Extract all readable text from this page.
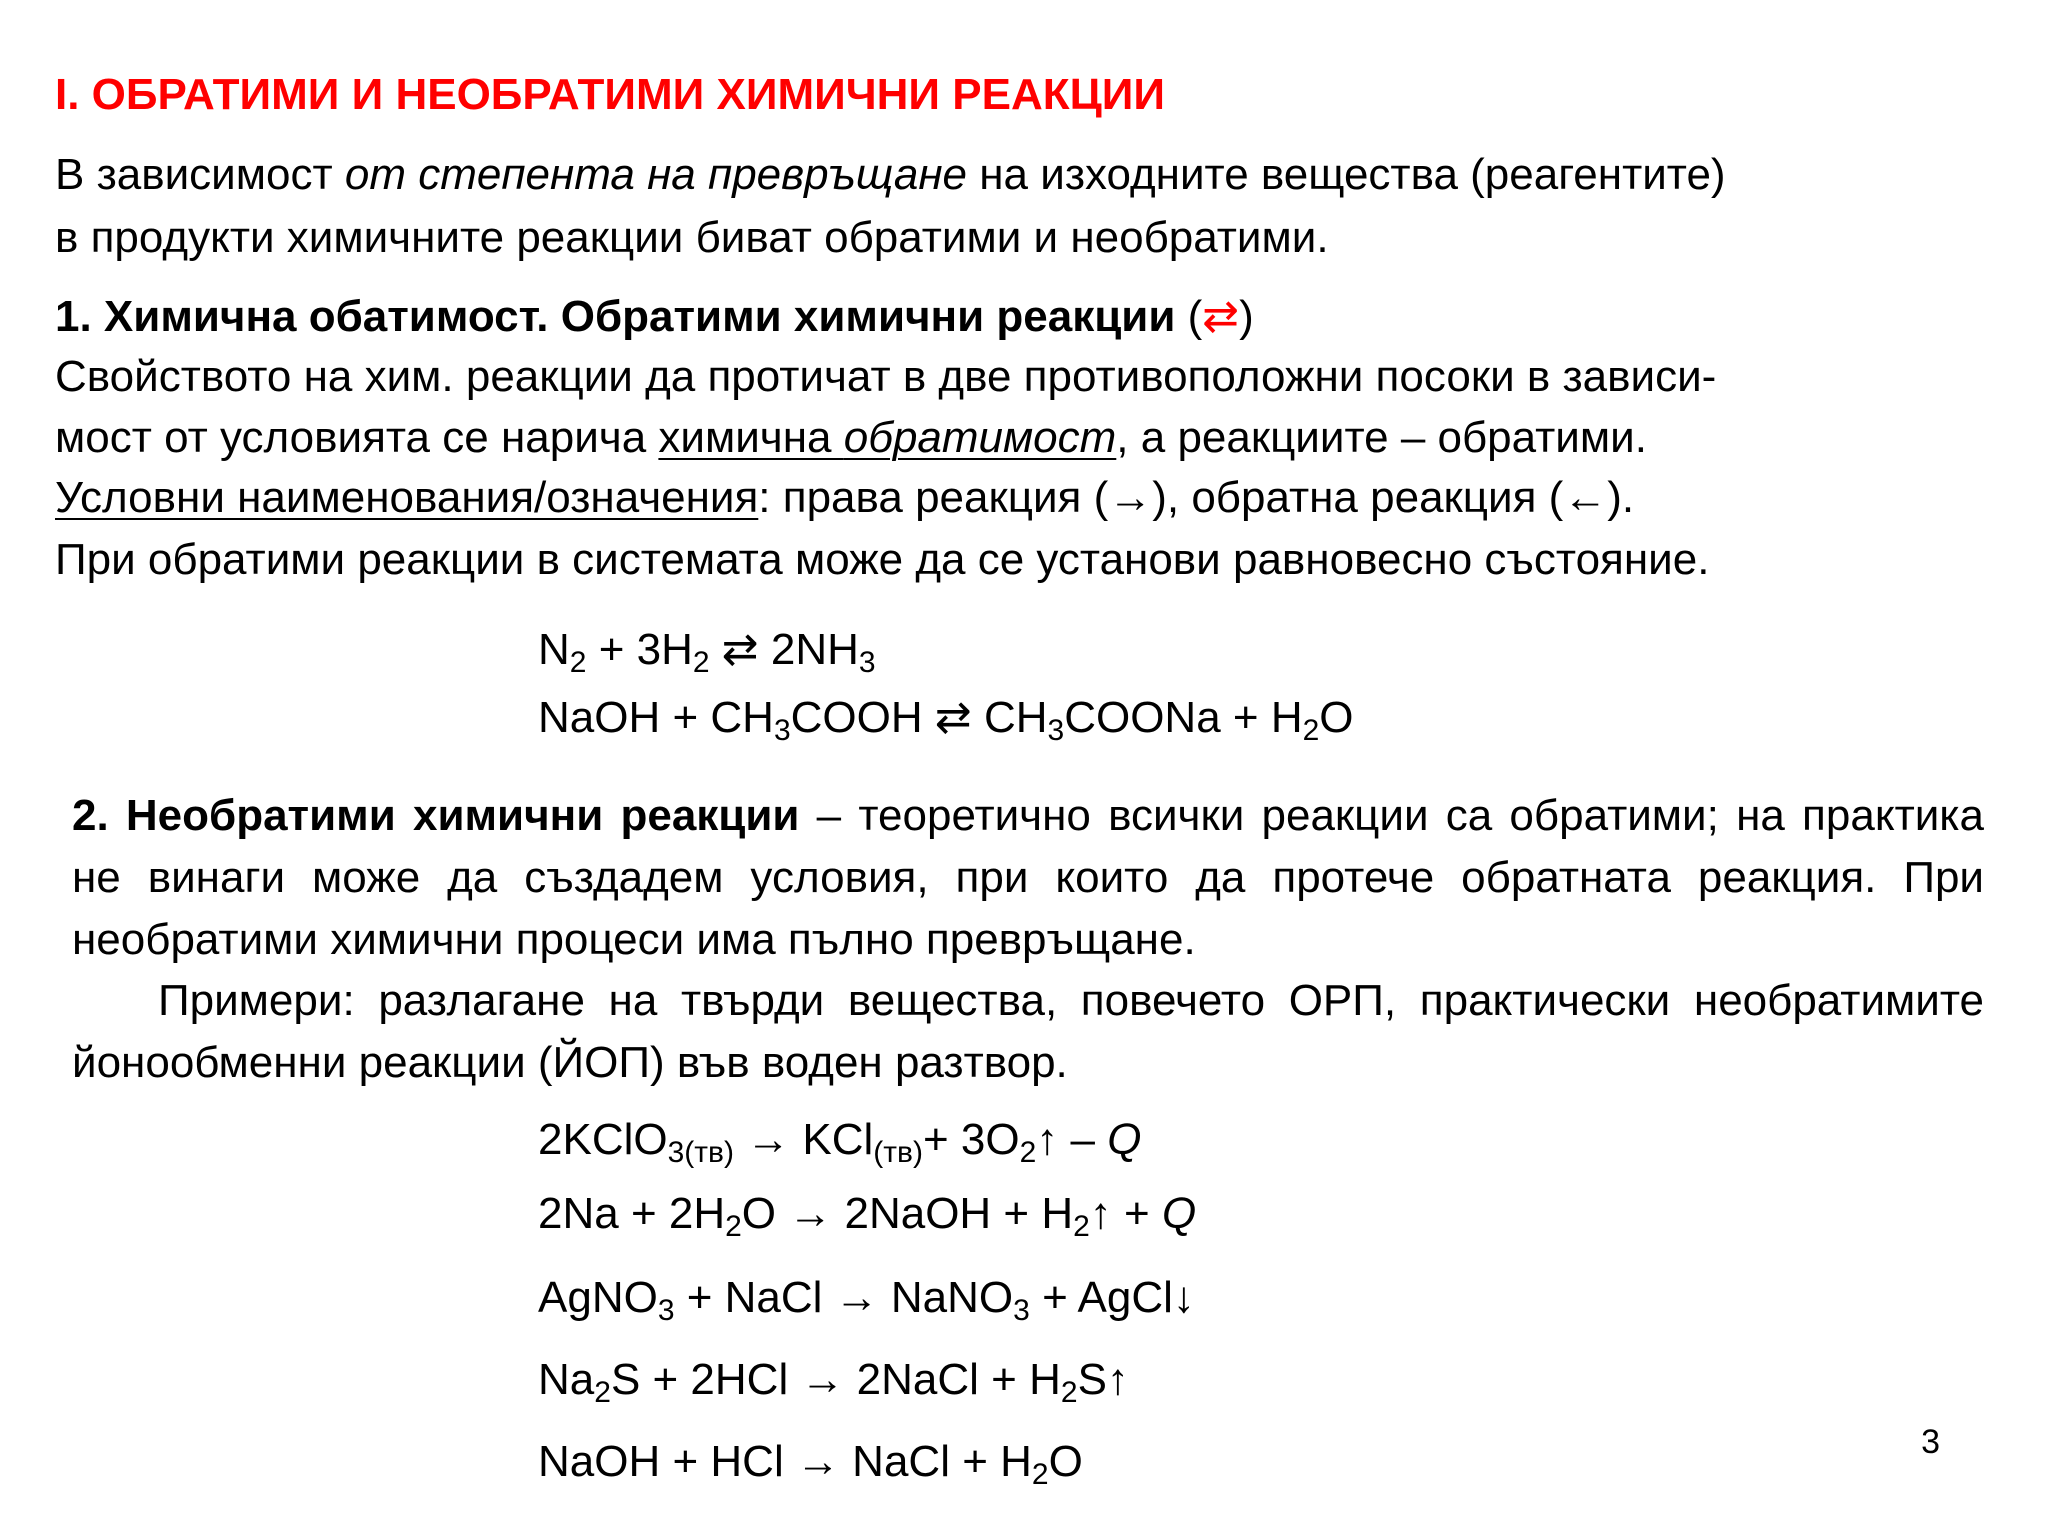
I. ОБРАТИМИ И НЕОБРАТИМИ ХИМИЧНИ РЕАКЦИИ
В зависимост от степента на превръщане на изходните вещества (реагентите)
в продукти химичните реакции биват обратими и необратими.
1. Химична обатимост. Обратими химични реакции (⇄)
Свойството на хим. реакции да протичат в две противоположни посоки в зависи-
мост от условията се нарича химична обратимост, а реакциите – обратими.
Условни наименования/означения: права реакция (→), обратна реакция (←).
При обратими реакции в системата може да се установи равновесно състояние.
$N_2 + 3H_2$ ⇄ $2NH_3$
NaOH + $CH_3COOH$ ⇄ $CH_3COONa + H_2O$
2. Необратими химични реакции – теоретично всички реакции са обратими; на практика не винаги може да създадем условия, при които да протече обратната реакция. При необратими химични процеси има пълно превръщане.
Примери: разлагане на твърди вещества, повечето ОРП, практически необратимите йонообменни реакции (ЙОП) във воден разтвор.
2KClO$_{3(тв)}$ → $KCl_{(тв)}+ 3O_2↑ - Q$
$2Na + 2H_2O$ → 2NaOH + $H_2↑ + Q$
AgNO$_3$ + NaCl → NaNO$_3$ + AgCl↓
$Na_2S + 2HCl$ → 2NaCl + $H_2S↑$
NaOH + HCl → NaCl + $H_2O$	3
